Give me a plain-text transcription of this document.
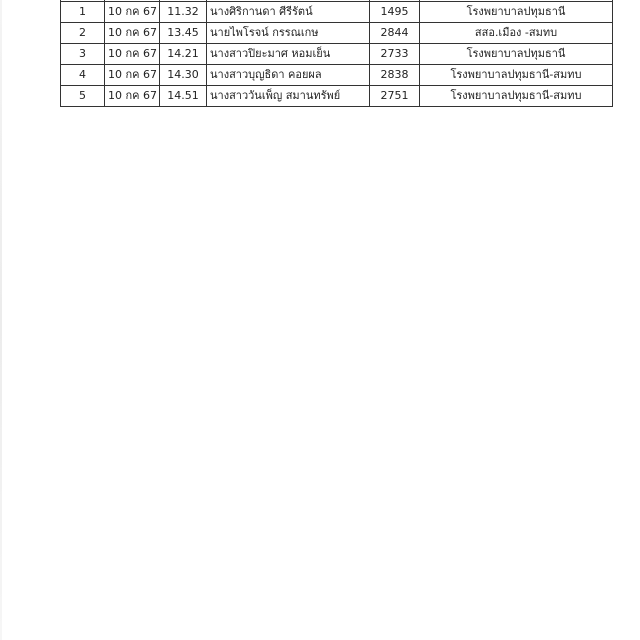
1	10 กค 67	11.32	นางศิริกานดา ศีรีรัตน์	1495	โรงพยาบาลปทุมธานี
2	10 กค 67	13.45	นายไพโรจน์ กรรณเกษ	2844	สสอ.เมือง -สมทบ
3	10 กค 67	14.21	นางสาวปิยะมาศ หอมเย็น	2733	โรงพยาบาลปทุมธานี
4	10 กค 67	14.30	นางสาวบุญธิดา คอยผล	2838	โรงพยาบาลปทุมธานี-สมทบ
5	10 กค 67	14.51	นางสาววันเพ็ญ สมานทรัพย์	2751	โรงพยาบาลปทุมธานี-สมทบ
